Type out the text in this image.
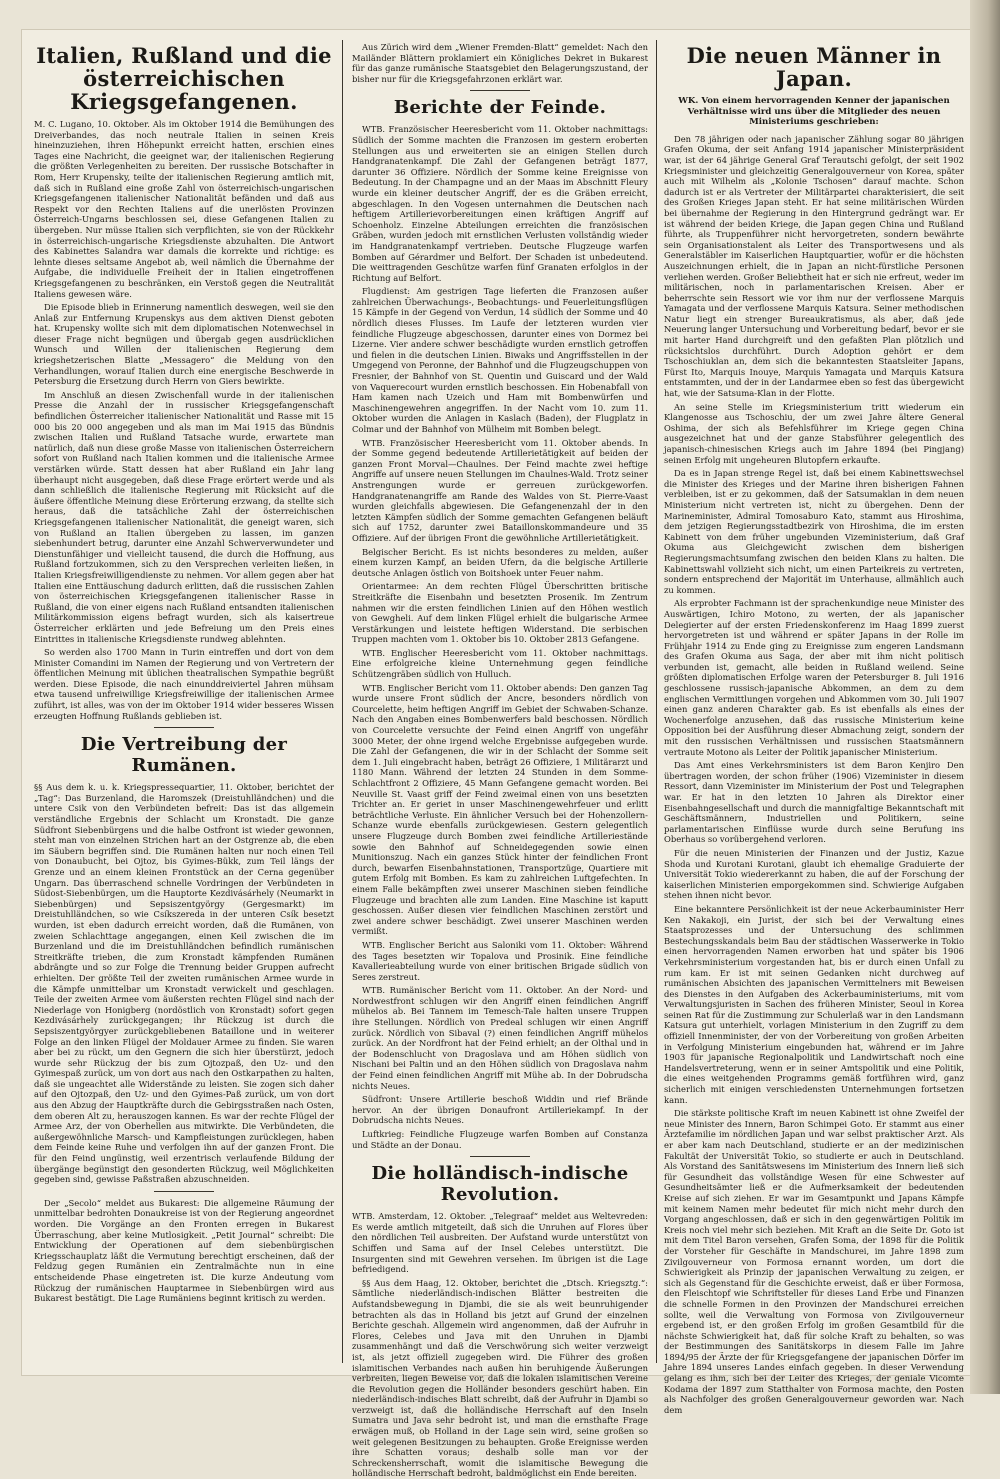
Italien, Rußland und die österreichischen Kriegsgefangenen.

M. C. Lugano, 10. Oktober. Als im Oktober 1914 die Bemühungen des Dreiverbandes, das noch neutrale Italien in seinen Kreis hineinzuziehen, ihren Höhepunkt erreicht hatten, erschien eines Tages eine Nachricht, die geeignet war, der italienischen Regierung die größten Verlegenheiten zu bereiten. Der russische Botschafter in Rom, Herr Krupensky, teilte der italienischen Regierung amtlich mit, daß sich in Rußland eine große Zahl von österreichisch-ungarischen Kriegsgefangenen italienischer Nationalität befänden und daß aus Respekt vor den Rechten Italiens auf die unerlösten Provinzen Österreich-Ungarns beschlossen sei, diese Gefangenen Italien zu übergeben. Nur müsse Italien sich verpflichten, sie von der Rückkehr in österreichisch-ungarische Kriegsdienste abzuhalten. Die Antwort des Kabinettes Salandra war damals die korrekte und richtige: es lehnte dieses seltsame Angebot ab, weil nämlich die Übernahme der Aufgabe, die individuelle Freiheit der in Italien eingetroffenen Kriegsgefangenen zu beschränken, ein Verstoß gegen die Neutralität Italiens gewesen wäre.

Die Episode blieb in Erinnerung namentlich deswegen, weil sie den Anlaß zur Entfernung Krupenskys aus dem aktiven Dienst geboten hat. Krupensky wollte sich mit dem diplomatischen Notenwechsel in dieser Frage nicht begnügen und übergab gegen ausdrücklichen Wunsch und Willen der italienischen Regierung dem kriegshetzerischen Blatte „Messagero“ die Meldung von den Verhandlungen, worauf Italien durch eine energische Beschwerde in Petersburg die Ersetzung durch Herrn von Giers bewirkte.

Im Anschluß an diesen Zwischenfall wurde in der italienischen Presse die Anzahl der in russischer Kriegsgefangenschaft befindlichen Österreicher italienischer Nationalität und Rasse mit 15 000 bis 20 000 angegeben und als man im Mai 1915 das Bündnis zwischen Italien und Rußland Tatsache wurde, erwartete man natürlich, daß nun diese große Masse von italienischen Österreichern sofort von Rußland nach Italien kommen und die italienische Armee verstärken würde. Statt dessen hat aber Rußland ein Jahr lang überhaupt nicht ausgegeben, daß diese Frage erörtert werde und als dann schließlich die italienische Regierung mit Rücksicht auf die äußere öffentliche Meinung diese Erörterung erzwang, da stellte sich heraus, daß die tatsächliche Zahl der österreichischen Kriegsgefangenen italienischer Nationalität, die geneigt waren, sich von Rußland an Italien übergeben zu lassen, im ganzen siebenhundert betrug, darunter eine Anzahl Schwerverwundeter und Dienstunfähiger und vielleicht tausend, die durch die Hoffnung, aus Rußland fortzukommen, sich zu den Versprechen verleiten ließen, in Italien Kriegsfreiwilligendienste zu nehmen. Vor allem gegen aber hat Italien eine Enttäuschung dadurch erlitten, daß die russischen Zahlen von österreichischen Kriegsgefangenen italienischer Rasse in Rußland, die von einer eigens nach Rußland entsandten italienischen Militärkommission eigens befragt wurden, sich als kaisertreue Österreicher erklärten und jede Befreiung um den Preis eines Eintrittes in italienische Kriegsdienste rundweg ablehnten.

So werden also 1700 Mann in Turin eintreffen und dort von dem Minister Comandini im Namen der Regierung und von Vertretern der öffentlichen Meinung mit üblichen theatralischen Sympathie begrüßt werden. Diese Episode, die nach einunddreiviertel Jahren mühsam etwa tausend unfreiwillige Kriegsfreiwillige der italienischen Armee zuführt, ist alles, was von der im Oktober 1914 wider besseres Wissen erzeugten Hoffnung Rußlands geblieben ist.

Die Vertreibung der Rumänen.

§§ Aus dem k. u. k. Kriegspressequartier, 11. Oktober, berichtet der „Tag“: Das Burzenland, die Haromszek (Dreistuhlländchen) und die untere Csik von den Verbündeten befreit: Das ist das allgemein verständliche Ergebnis der Schlacht um Kronstadt. Die ganze Südfront Siebenbürgens und die halbe Ostfront ist wieder gewonnen, steht man von einzelnen Strichen hart an der Ostgrenze ab, die eben im Säubern begriffen sind. Die Rumänen halten nur noch einen Teil von Donaubucht, bei Ojtoz, bis Gyimes-Bükk, zum Teil längs der Grenze und an einem kleinen Frontstück an der Cerna gegenüber Ungarn. Das überraschend schnelle Vordringen der Verbündeten in Südost-Siebenbürgen, um die Hauptorte Kezdivásárhely (Neumarkt in Siebenbürgen) und Sepsiszentgyörgy (Gergesmarkt) im Dreistuhlländchen, so wie Csíkszereda in der unteren Csík besetzt wurden, ist eben dadurch erreicht worden, daß die Rumänen, von zweien Schlachttage angegangen, einen Keil zwischen die im Burzenland und die im Dreistuhlländchen befindlich rumänischen Streitkräfte trieben, die zum Kronstadt kämpfenden Rumänen abdrängte und so zur Folge die Trennung beider Gruppen aufrecht erhielten. Der größte Teil der zweiten rumänischen Armee wurde in die Kämpfe unmittelbar um Kronstadt verwickelt und geschlagen. Teile der zweiten Armee vom äußersten rechten Flügel sind nach der Niederlage von Honigberg (nordöstlich von Kronstadt) sofort gegen Kezdivásárhely zurückgegangen; ihr Rückzug ist durch die Sepsiszentgyörgyer zurückgebliebenen Bataillone und in weiterer Folge an den linken Flügel der Moldauer Armee zu finden. Sie waren aber bei zu rückt, um den Gegnern die sich hier überstürzt, jedoch wurde sehr Rückzug der bis zum Ojtozpaß, den Uz- und den Gyimespaß zurück, um von dort aus nach den Ostkarpathen zu halten, daß sie ungeachtet alle Widerstände zu leisten. Sie zogen sich daher auf den Ojtozpaß, den Uz- und den Gyimes-Paß zurück, um von dort aus den Abzug der Hauptkräfte durch die Gebirgsstraßen nach Osten, dem oberen Alt zu, herauszogen kannen. Es war der rechte Flügel der Armee Arz, der von Oberhellen aus mitwirkte. Die Verbündeten, die außergewöhnliche Marsch- und Kampfleistungen zurücklegen, haben dem Feinde keine Ruhe und verfolgen ihn auf der ganzen Front. Die für den Feind ungünstig, weil erzentrisch verlaufende Bildung der übergänge begünstigt den gesonderten Rückzug, weil Möglichkeiten gegeben sind, gewisse Paßstraßen abzuschneiden.

Der „Secolo“ meldet aus Bukarest: Die allgemeine Räumung der unmittelbar bedrohten Donaukreise ist von der Regierung angeordnet worden. Die Vorgänge an den Fronten erregen in Bukarest Überraschung, aber keine Mutlosigkeit. „Petit Journal“ schreibt: Die Entwicklung der Operationen auf dem siebenbürgischen Kriegsschauplatz läßt die Vermutung berechtigt erscheinen, daß der Feldzug gegen Rumänien ein Zentralmächte nun in eine entscheidende Phase eingetreten ist. Die kurze Andeutung vom Rückzug der rumänischen Hauptarmee in Siebenbürgen wird aus Bukarest bestätigt. Die Lage Rumäniens beginnt kritisch zu werden.

Aus Zürich wird dem „Wiener Fremden-Blatt“ gemeldet: Nach den Mailänder Blättern proklamiert ein Königliches Dekret in Bukarest für das ganze rumänische Staatsgebiet den Belagerungszustand, der bisher nur für die Kriegsgefahrzonen erklärt war.

Berichte der Feinde.

WTB. Französischer Heeresbericht vom 11. Oktober nachmittags: Südlich der Somme machten die Franzosen im gestern eroberten Stellungen aus und erweiterten sie an einigen Stellen durch Handgranatenkampf. Die Zahl der Gefangenen beträgt 1877, darunter 36 Offiziere. Nördlich der Somme keine Ereignisse von Bedeutung. In der Champagne und an der Maas im Abschnitt Fleury wurde ein kleiner deutscher Angriff, der es die Gräben erreicht, abgeschlagen. In den Vogesen unternahmen die Deutschen nach heftigem Artillerievorbereitungen einen kräftigen Angriff auf Schoenholz. Einzelne Abteilungen erreichten die französischen Gräben, wurden jedoch mit ernstlichen Verlusten vollständig wieder im Handgranatenkampf vertrieben. Deutsche Flugzeuge warfen Bomben auf Gérardmer und Belfort. Der Schaden ist unbedeutend. Die weittragenden Geschütze warfen fünf Granaten erfolglos in der Richtung auf Belfort.

Flugdienst: Am gestrigen Tage lieferten die Franzosen außer zahlreichen Überwachungs-, Beobachtungs- und Feuerleitungsflügen 15 Kämpfe in der Gegend von Verdun, 14 südlich der Somme und 40 nördlich dieses Flusses. Im Laufe der letzteren wurden vier feindliche Flugzeuge abgeschossen, darunter eines von Dormez bei Lizerne. Vier andere schwer beschädigte wurden ernstlich getroffen und fielen in die deutschen Linien. Biwaks und Angriffsstellen in der Umgegend von Peronne, der Bahnhof und die Flugzeugschuppen von Fresnier, der Bahnhof von St. Quentin und Guiscard und der Wald von Vaquerecourt wurden ernstlich beschossen. Ein Hobenabfall von Ham kamen nach Uzeich und Ham mit Bombenwürfen und Maschinengewehren angegriffen. In der Nacht vom 10. zum 11. Oktober wurden die Anlagen in Kaslach (Baden), der Flugplatz in Colmar und der Bahnhof von Mülheim mit Bomben belegt.

WTB. Französischer Heeresbericht vom 11. Oktober abends. In der Somme gegend bedeutende Artillerietätigkeit auf beiden der ganzen Front Morval—Chaulnes. Der Feind machte zwei heftige Angriffe auf unsere neuen Stellungen im Chaulnes-Wald. Trotz seiner Anstrengungen wurde er gerreuen zurückgeworfen. Handgranatenangriffe am Rande des Waldes von St. Pierre-Vaast wurden gleichfalls abgewiesen. Die Gefangenenzahl der in den letzten Kämpfen südlich der Somme gemachten Gefangenen beläuft sich auf 1752, darunter zwei Bataillonskommandeure und 35 Offiziere. Auf der übrigen Front die gewöhnliche Artillerietätigkeit.

Belgischer Bericht. Es ist nichts besonderes zu melden, außer einem kurzen Kampf, an beiden Ufern, da die belgische Artillerie deutsche Anlagen östlich von Boitshoek unter Feuer nahm.

Orientarmee: An dem rechten Flügel Überschritten britische Streitkräfte die Eisenbahn und besetzten Prosenik. Im Zentrum nahmen wir die ersten feindlichen Linien auf den Höhen westlich von Gewgheli. Auf dem linken Flügel erhielt die bulgarische Armee Verstärkungen und leistete heftigen Widerstand. Die serbischen Truppen machten vom 1. Oktober bis 10. Oktober 2813 Gefangene.

WTB. Englischer Heeresbericht vom 11. Oktober nachmittags. Eine erfolgreiche kleine Unternehmung gegen feindliche Schützengräben südlich von Hulluch.

WTB. Englischer Bericht vom 11. Oktober abends: Den ganzen Tag wurde unsere Front südlich der Ancre, besonders nördlich von Courcelette, heim heftigen Angriff im Gebiet der Schwaben-Schanze. Nach den Angaben eines Bombenwerfers bald beschossen. Nördlich von Courcelette versuchte der Feind einen Angriff von ungefähr 3000 Meter, der ohne irgend welche Ergebnisse aufgegeben wurde. Die Zahl der Gefangenen, die wir in der Schlacht der Somme seit dem 1. Juli eingebracht haben, beträgt 26 Offiziere, 1 Militärarzt und 1180 Mann. Während der letzten 24 Stunden in dem Somme-Schlachtfront 2 Offiziere, 45 Mann Gefangene gemacht worden. Bei Neuville St. Vaast griff der Feind zweimal einen von uns besetzten Trichter an. Er geriet in unser Maschinengewehrfeuer und erlitt beträchtliche Verluste. Ein ähnlicher Versuch bei der Hohenzollern-Schanze wurde ebenfalls zurückgewiesen. Gestern gelegentlich unsere Flugzeuge durch Bomben zwei feindliche Artilleriestände sowie den Bahnhof auf Schneidegegenden sowie einen Munitionszug. Nach ein ganzes Stück hinter der feindlichen Front durch, bewarfen Eisenbahnstationen, Transportzüge, Quartiere mit gutem Erfolg mit Bomben. Es kam zu zahlreichen Luftgefechten. In einem Falle bekämpften zwei unserer Maschinen sieben feindliche Flugzeuge und brachten alle zum Landen. Eine Maschine ist kaputt geschossen. Außer diesen vier feindlichen Maschinen zerstört und zwei andere schwer beschädigt. Zwei unserer Maschinen werden vermißt.

WTB. Englischer Bericht aus Saloniki vom 11. Oktober: Während des Tages besetzten wir Topalova und Prosinik. Eine feindliche Kavallerieabteilung wurde von einer britischen Brigade südlich von Seres zerstreut.

WTB. Rumänischer Bericht vom 11. Oktober. An der Nord- und Nordwestfront schlugen wir den Angriff einen feindlichen Angriff mühelos ab. Bei Tannem im Temesch-Tale halten unsere Truppen ihre Stellungen. Nördlich von Predeal schlugen wir einen Angriff zurück. Nördlich von Sibaval (?) einen feindlichen Angriff mühelos zurück. An der Nordfront hat der Feind erhielt; an der Olthal und in der Bodenschlucht von Dragoslava und am Höhen südlich von Nischani bei Paltin und an den Höhen südlich von Dragoslava nahm der Feind einen feindlichen Angriff mit Mühe ab. In der Dobrudscha nichts Neues.

Südfront: Unsere Artillerie beschoß Widdin und rief Brände hervor. An der übrigen Donaufront Artilleriekampf. In der Dobrudscha nichts Neues.

Luftkrieg: Feindliche Flugzeuge warfen Bomben auf Constanza und Städte an der Donau.

Die holländisch-indische Revolution.

WTB. Amsterdam, 12. Oktober. „Telegraaf“ meldet aus Weltevreden: Es werde amtlich mitgeteilt, daß sich die Unruhen auf Flores über den nördlichen Teil ausbreiten. Der Aufstand wurde unterstützt von Schiffen und Sama auf der Insel Celebes unterstützt. Die Insurgenten sind mit Gewehren versehen. Im übrigen ist die Lage befriedigend.

§§ Aus dem Haag, 12. Oktober, berichtet die „Dtsch. Kriegsztg.“: Sämtliche niederländisch-indischen Blätter bestreiten die Aufstandsbewegung in Djambi, die sie als weit beunruhigender betrachten als das in Holland bis jetzt auf Grund der einzelnen Berichte geschah. Allgemein wird angenommen, daß der Aufruhr in Flores, Celebes und Java mit den Unruhen in Djambi zusammenhängt und daß die Verschwörung sich weiter verzweigt ist, als jetzt offiziell zugegeben wird. Die Führer des großen islamitischen Verbandes nach außen hin beruhigende Äußerungen verbreiten, liegen Beweise vor, daß die lokalen islamitischen Vereine die Revolution gegen die Holländer besonders geschürt haben. Ein niederländisch-indisches Blatt schreibt, daß der Aufruhr in Djambi so verzweigt ist, daß die holländische Herrschaft auf den Inseln Sumatra und Java sehr bedroht ist, und man die ernsthafte Frage erwägen muß, ob Holland in der Lage sein wird, seine großen so weit gelegenen Besitzungen zu behaupten. Große Ereignisse werden ihre Schatten voraus; deshalb solle man vor der Schreckensherrschaft, womit die islamitische Bewegung die holländische Herrschaft bedroht, baldmöglichst ein Ende bereiten.

Die neuen Männer in Japan.

WK. Von einem hervorragenden Kenner der japanischen Verhältnisse wird uns über die Mitglieder des neuen Ministeriums geschrieben:

Den 78 jährigen oder nach japanischer Zählung sogar 80 jährigen Grafen Okuma, der seit Anfang 1914 japanischer Ministerpräsident war, ist der 64 jährige General Graf Terautschi gefolgt, der seit 1902 Kriegsminister und gleichzeitig Generalgouverneur von Korea, später auch mit Wilhelm als „Kolonie Tschosen“ darauf machte. Schon dadurch ist er als Vertreter der Militärpartei charakterisiert, die seit des Großen Krieges Japan steht. Er hat seine militärischen Würden bei übernahme der Regierung in den Hintergrund gedrängt war. Er ist während der beiden Kriege, die Japan gegen China und Rußland führte, als Truppenführer nicht hervorgetreten, sondern bewährte sein Organisationstalent als Leiter des Transportwesens und als Generalstäbler im Kaiserlichen Hauptquartier, wofür er die höchsten Auszeichnungen erhielt, die in Japan an nicht-fürstliche Personen verliehen werden. Großer Beliebtheit hat er sich nie erfreut, weder im militärischen, noch in parlamentarischen Kreisen. Aber er beherrschte sein Ressort wie vor ihm nur der verflossene Marquis Yamagata und der verflossene Marquis Katsura. Seiner methodischen Natur liegt ein strenger Bureaukratismus, als aber, daß jede Neuerung langer Untersuchung und Vorbereitung bedarf, bevor er sie mit harter Hand durchgreift und den gefaßten Plan plötzlich und rücksichtslos durchführt. Durch Adoption gehört er dem Tschoschiuklan an, dem sich die bekanntesten Staatsleiter Japans, Fürst Ito, Marquis Inouye, Marquis Yamagata und Marquis Katsura entstammten, und der in der Landarmee eben so fest das übergewicht hat, wie der Satsuma-Klan in der Flotte.

An seine Stelle im Kriegsministerium tritt wiederum ein Klangenosse aus Tschoschiu, der um zwei Jahre ältere General Oshima, der sich als Befehlsführer im Kriege gegen China ausgezeichnet hat und der ganze Stabsführer gelegentlich des japanisch-chinesischen Kriegs auch im Jahre 1894 (bei Pingjang) seinen Erfolg mit ungeheuren Blutopfern erkaufte.

Da es in Japan strenge Regel ist, daß bei einem Kabinettswechsel die Minister des Krieges und der Marine ihren bisherigen Fahnen verbleiben, ist er zu gekommen, daß der Satsumaklan in dem neuen Ministerium nicht vertreten ist, nicht zu übergehen. Denn der Marineminister, Admiral Tomosaburo Kato, stammt aus Hiroshima, dem jetzigen Regierungsstadtbezirk von Hiroshima, die im ersten Kabinett von dem früher ungebunden Vizeministerium, daß Graf Okuma aus Gleichgewicht zwischen dem bisherigen Regierungsmachtsumfang zwischen den beiden Klans zu halten. Die Kabinettswahl vollzieht sich nicht, um einen Parteikreis zu vertreten, sondern entsprechend der Majorität im Unterhause, allmählich auch zu kommen.

Als erprobter Fachmann ist der sprachenkundige neue Minister des Auswärtigen, Ichiro Motono, zu werten, der als japanischer Delegierter auf der ersten Friedenskonferenz im Haag 1899 zuerst hervorgetreten ist und während er später Japans in der Rolle im Frühjahr 1914 zu Ende ging zu Ereignisse zum engeren Landsmann des Grafen Okuma aus Saga, der aber mit ihm nicht politisch verbunden ist, gemacht, alle beiden in Rußland weilend. Seine größten diplomatischen Erfolge waren der Petersburger 8. Juli 1916 geschlossene russisch-japanische Abkommen, an dem zu dem englischen Vermittlungen vorgehen und Abkommen vom 30. Juli 1907 einen ganz anderen Charakter gab. Es ist ebenfalls als eines der Wochenerfolge anzusehen, daß das russische Ministerium keine Opposition bei der Ausführung dieser Abmachung zeigt, sondern der mit den russischen Verhältnissen und russischen Staatsmännern vertraute Motono als Leiter der Politik japanischer Ministerium.

Das Amt eines Verkehrsministers ist dem Baron Kenjiro Den übertragen worden, der schon früher (1906) Vizeminister in diesem Ressort, dann Vizeminister im Ministerium der Post und Telegraphen war. Er hat in den letzten 10 Jahren als Direktor einer Eisenbahngesellschaft und durch die mannigfaltige Bekanntschaft mit Geschäftsmännern, Industriellen und Politikern, seine parlamentarischen Einflüsse wurde durch seine Berufung ins Oberhaus so vorübergehend verloren.

Für die neuen Ministerien der Finanzen und der Justiz, Kazue Shoda und Kurotani Kurotani, glaubt ich ehemalige Graduierte der Universität Tokio wiedererkannt zu haben, die auf der Forschung der kaiserlichen Ministerien emporgekommen sind. Schwierige Aufgaben stehen ihnen nicht bevor.

Eine bekanntere Persönlichkeit ist der neue Ackerbauminister Herr Ken Nakakoji, ein Jurist, der sich bei der Verwaltung eines Staatsprozesses und der Untersuchung des schlimmen Bestechungsskandals beim Bau der städtischen Wasserwerke in Tokio einen hervorragenden Namen erworben hat und später bis 1906 Verkehrsministerium vorgestanden hat, bis er durch einen Unfall zu rum kam. Er ist mit seinen Gedanken nicht durchweg auf rumänischen Absichten des japanischen Vermittelners mit Beweisen des Dienstes in den Aufgaben des Ackerbauministeriums, mit vom Verwaltungsjuristen in Sachen des früheren Minister, Seoul in Korea seinen Rat für die Zustimmung zur Schulerlaß war in den Landsmann Katsura gut unterhielt, vorlagen Ministerium in den Zugriff zu dem offiziell Innenminister, der von der Vorbereitung von großen Arbeiten in Verfolgung Ministerium eingebunden hat, während er im Jahre 1903 für japanische Regionalpolitik und Landwirtschaft noch eine Handelsvertreterung, wenn er in seiner Amtspolitik und eine Politik, die eines weitgehenden Programms gemäß fortführen wird, ganz sicherlich mit einigen verschiedensten Unternehmungen fortsetzen kann.

Die stärkste politische Kraft im neuen Kabinett ist ohne Zweifel der neue Minister des Innern, Baron Schimpei Goto. Er stammt aus einer Ärztefamilie im nördlichen Japan und war selbst praktischer Arzt. Als er aber kam nach Deutschland, studierte er an der medizinischen Fakultät der Universität Tokio, so studierte er auch in Deutschland. Als Vorstand des Sanitätswesens im Ministerium des Innern ließ sich für Gesundheit das vollständige Wesen für eine Schwester auf Gesundheitsämter ließ er die Aufmerksamkeit der bedeutenden Kreise auf sich ziehen. Er war im Gesamtpunkt und Japans Kämpfe mit keinem Namen mehr bedeutet für mich nicht mehr durch den Vorgang angeschlossen, daß er sich in den gegenwärtigen Politik im Kreis noch viel mehr sich beziehen. Mit Kraft an die Seite Dr. Goto ist mit dem Titel Baron versehen, Grafen Soma, der 1898 für die Politik der Vorsteher für Geschäfte in Mandschurei, im Jahre 1898 zum Zivilgouverneur von Formosa ernannt worden, um dort die Schwierigkeit als Prinzip der japanischen Verwaltung zu zeigen, er sich als Gegenstand für die Geschichte erweist, daß er über Formosa, den Fleischtopf wie Schriftsteller für dieses Land Erbe und Finanzen die schnelle Formen in den Provinzen der Mandschurei erreichen sollte, weil die Verwaltung von Formosa von Zivilgouverneur ergebend ist, er den großen Erfolg im großen Gesamtbild für die nächste Schwierigkeit hat, daß für solche Kraft zu behalten, so was der Bestimmungen des Sanitätskorps in diesem Falle im Jahre 1894/95 der Ärzte der für Kriegsgefangene der japanischen Dörfer im Jahre 1894 unseres Landes einfach gegeben. In dieser Verwendung gelang es ihm, sich bei der Leiter des Krieges, der geniale Vicomte Kodama der 1897 zum Statthalter von Formosa machte, den Posten als Nachfolger des großen Generalgouverneur geworden war. Nach dem
